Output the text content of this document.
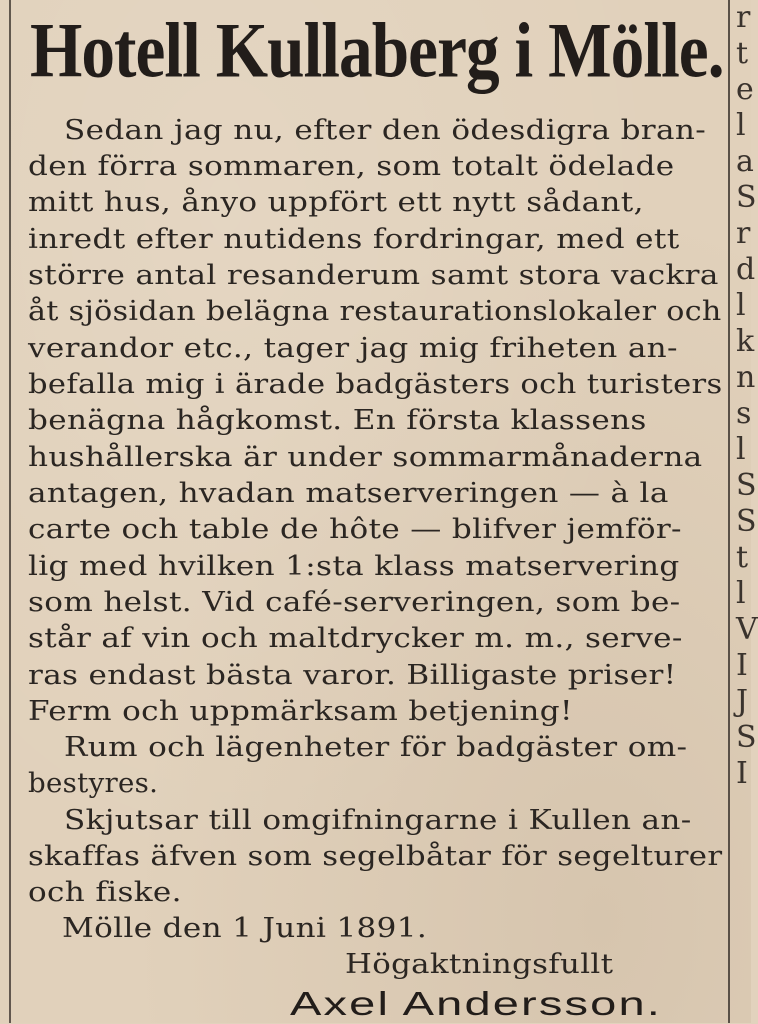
r
t
e
l
a
S
r
d
l
k
n
s
l
S
S
t
l
V
I
J
S
I
Hotell Kullaberg i Mölle.
Sedan jag nu, efter den ödesdigra bran-
den förra sommaren, som totalt ödelade
mitt hus, ånyo uppfört ett nytt sådant,
inredt efter nutidens fordringar, med ett
större antal resanderum samt stora vackra
åt sjösidan belägna restaurationslokaler och
verandor etc., tager jag mig friheten an-
befalla mig i ärade badgästers och turisters
benägna hågkomst. En första klassens
hushållerska är under sommarmånaderna
antagen, hvadan matserveringen — à la
carte och table de hôte — blifver jemför-
lig med hvilken 1:sta klass matservering
som helst. Vid café-serveringen, som be-
står af vin och maltdrycker m. m., serve-
ras endast bästa varor. Billigaste priser!
Ferm och uppmärksam betjening!
Rum och lägenheter för badgäster om-
bestyres.
Skjutsar till omgifningarne i Kullen an-
skaffas äfven som segelbåtar för segelturer
och fiske.
Mölle den 1 Juni 1891.
Högaktningsfullt
Axel Andersson.
